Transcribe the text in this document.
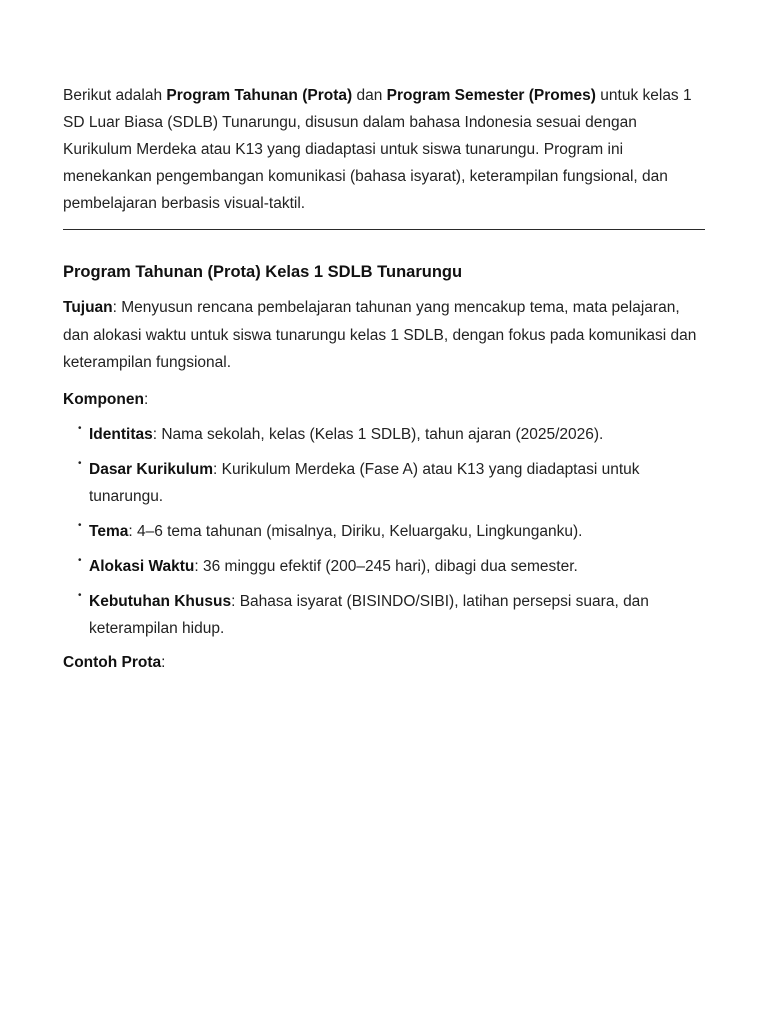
Berikut adalah Program Tahunan (Prota) dan Program Semester (Promes) untuk kelas 1 SD Luar Biasa (SDLB) Tunarungu, disusun dalam bahasa Indonesia sesuai dengan Kurikulum Merdeka atau K13 yang diadaptasi untuk siswa tunarungu. Program ini menekankan pengembangan komunikasi (bahasa isyarat), keterampilan fungsional, dan pembelajaran berbasis visual-taktil.

Program Tahunan (Prota) Kelas 1 SDLB Tunarungu

Tujuan: Menyusun rencana pembelajaran tahunan yang mencakup tema, mata pelajaran, dan alokasi waktu untuk siswa tunarungu kelas 1 SDLB, dengan fokus pada komunikasi dan keterampilan fungsional.

Komponen:

• Identitas: Nama sekolah, kelas (Kelas 1 SDLB), tahun ajaran (2025/2026).
• Dasar Kurikulum: Kurikulum Merdeka (Fase A) atau K13 yang diadaptasi untuk tunarungu.
• Tema: 4–6 tema tahunan (misalnya, Diriku, Keluargaku, Lingkunganku).
• Alokasi Waktu: 36 minggu efektif (200–245 hari), dibagi dua semester.
• Kebutuhan Khusus: Bahasa isyarat (BISINDO/SIBI), latihan persepsi suara, dan keterampilan hidup.

Contoh Prota:
